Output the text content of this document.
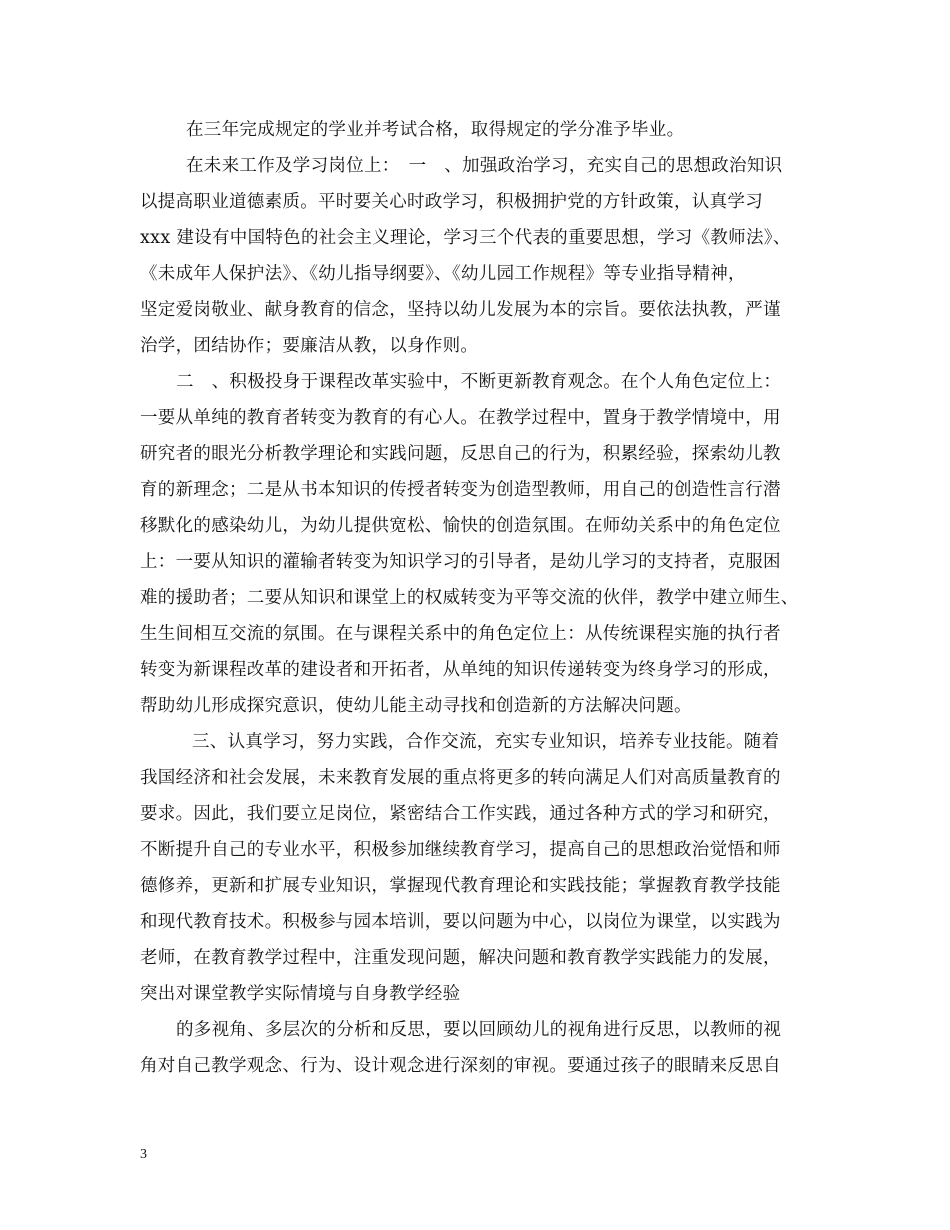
在三年完成规定的学业并考试合格，取得规定的学分准予毕业。
在未来工作及学习岗位上：　一　、加强政治学习，充实自己的思想政治知识
以提高职业道德素质。平时要关心时政学习，积极拥护党的方针政策，认真学习
xxx 建设有中国特色的社会主义理论，学习三个代表的重要思想，学习《教师法》、
《未成年人保护法》、《幼儿指导纲要》、《幼儿园工作规程》等专业指导精神，
坚定爱岗敬业、献身教育的信念，坚持以幼儿发展为本的宗旨。要依法执教，严谨
治学，团结协作；要廉洁从教，以身作则。
二　、积极投身于课程改革实验中，不断更新教育观念。在个人角色定位上：
一要从单纯的教育者转变为教育的有心人。在教学过程中，置身于教学情境中，用
研究者的眼光分析教学理论和实践问题，反思自己的行为，积累经验，探索幼儿教
育的新理念；二是从书本知识的传授者转变为创造型教师，用自己的创造性言行潜
移默化的感染幼儿，为幼儿提供宽松、愉快的创造氛围。在师幼关系中的角色定位
上：一要从知识的灌输者转变为知识学习的引导者，是幼儿学习的支持者，克服困
难的援助者；二要从知识和课堂上的权威转变为平等交流的伙伴，教学中建立师生、
生生间相互交流的氛围。在与课程关系中的角色定位上：从传统课程实施的执行者
转变为新课程改革的建设者和开拓者，从单纯的知识传递转变为终身学习的形成，
帮助幼儿形成探究意识，使幼儿能主动寻找和创造新的方法解决问题。
三、认真学习，努力实践，合作交流，充实专业知识，培养专业技能。随着
我国经济和社会发展，未来教育发展的重点将更多的转向满足人们对高质量教育的
要求。因此，我们要立足岗位，紧密结合工作实践，通过各种方式的学习和研究，
不断提升自己的专业水平，积极参加继续教育学习，提高自己的思想政治觉悟和师
德修养，更新和扩展专业知识，掌握现代教育理论和实践技能；掌握教育教学技能
和现代教育技术。积极参与园本培训，要以问题为中心，以岗位为课堂，以实践为
老师，在教育教学过程中，注重发现问题，解决问题和教育教学实践能力的发展，
突出对课堂教学实际情境与自身教学经验
的多视角、多层次的分析和反思，要以回顾幼儿的视角进行反思，以教师的视
角对自己教学观念、行为、设计观念进行深刻的审视。要通过孩子的眼睛来反思自
3
